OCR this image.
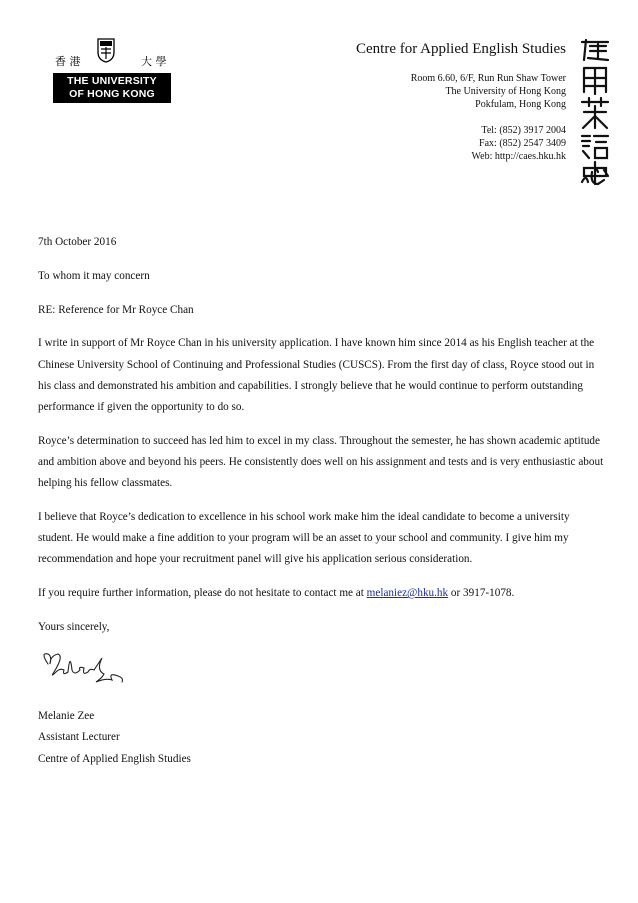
香 港	大 學
THE UNIVERSITY
OF HONG KONG
Centre for Applied English Studies
Room 6.60, 6/F, Run Run Shaw Tower
The University of Hong Kong
Pokfulam, Hong Kong
Tel: (852) 3917 2004
Fax: (852) 2547 3409
Web: http://caes.hku.hk

7th October 2016

To whom it may concern

RE: Reference for Mr Royce Chan

I write in support of Mr Royce Chan in his university application. I have known him since 2014 as his English teacher at the Chinese University School of Continuing and Professional Studies (CUSCS). From the first day of class, Royce stood out in his class and demonstrated his ambition and capabilities. I strongly believe that he would continue to perform outstanding performance if given the opportunity to do so.

Royce’s determination to succeed has led him to excel in my class. Throughout the semester, he has shown academic aptitude and ambition above and beyond his peers. He consistently does well on his assignment and tests and is very enthusiastic about helping his fellow classmates.

I believe that Royce’s dedication to excellence in his school work make him the ideal candidate to become a university student. He would make a fine addition to your program will be an asset to your school and community. I give him my recommendation and hope your recruitment panel will give his application serious consideration.

If you require further information, please do not hesitate to contact me at melaniez@hku.hk or 3917-1078.

Yours sincerely,

Melanie Zee
Assistant Lecturer
Centre of Applied English Studies
